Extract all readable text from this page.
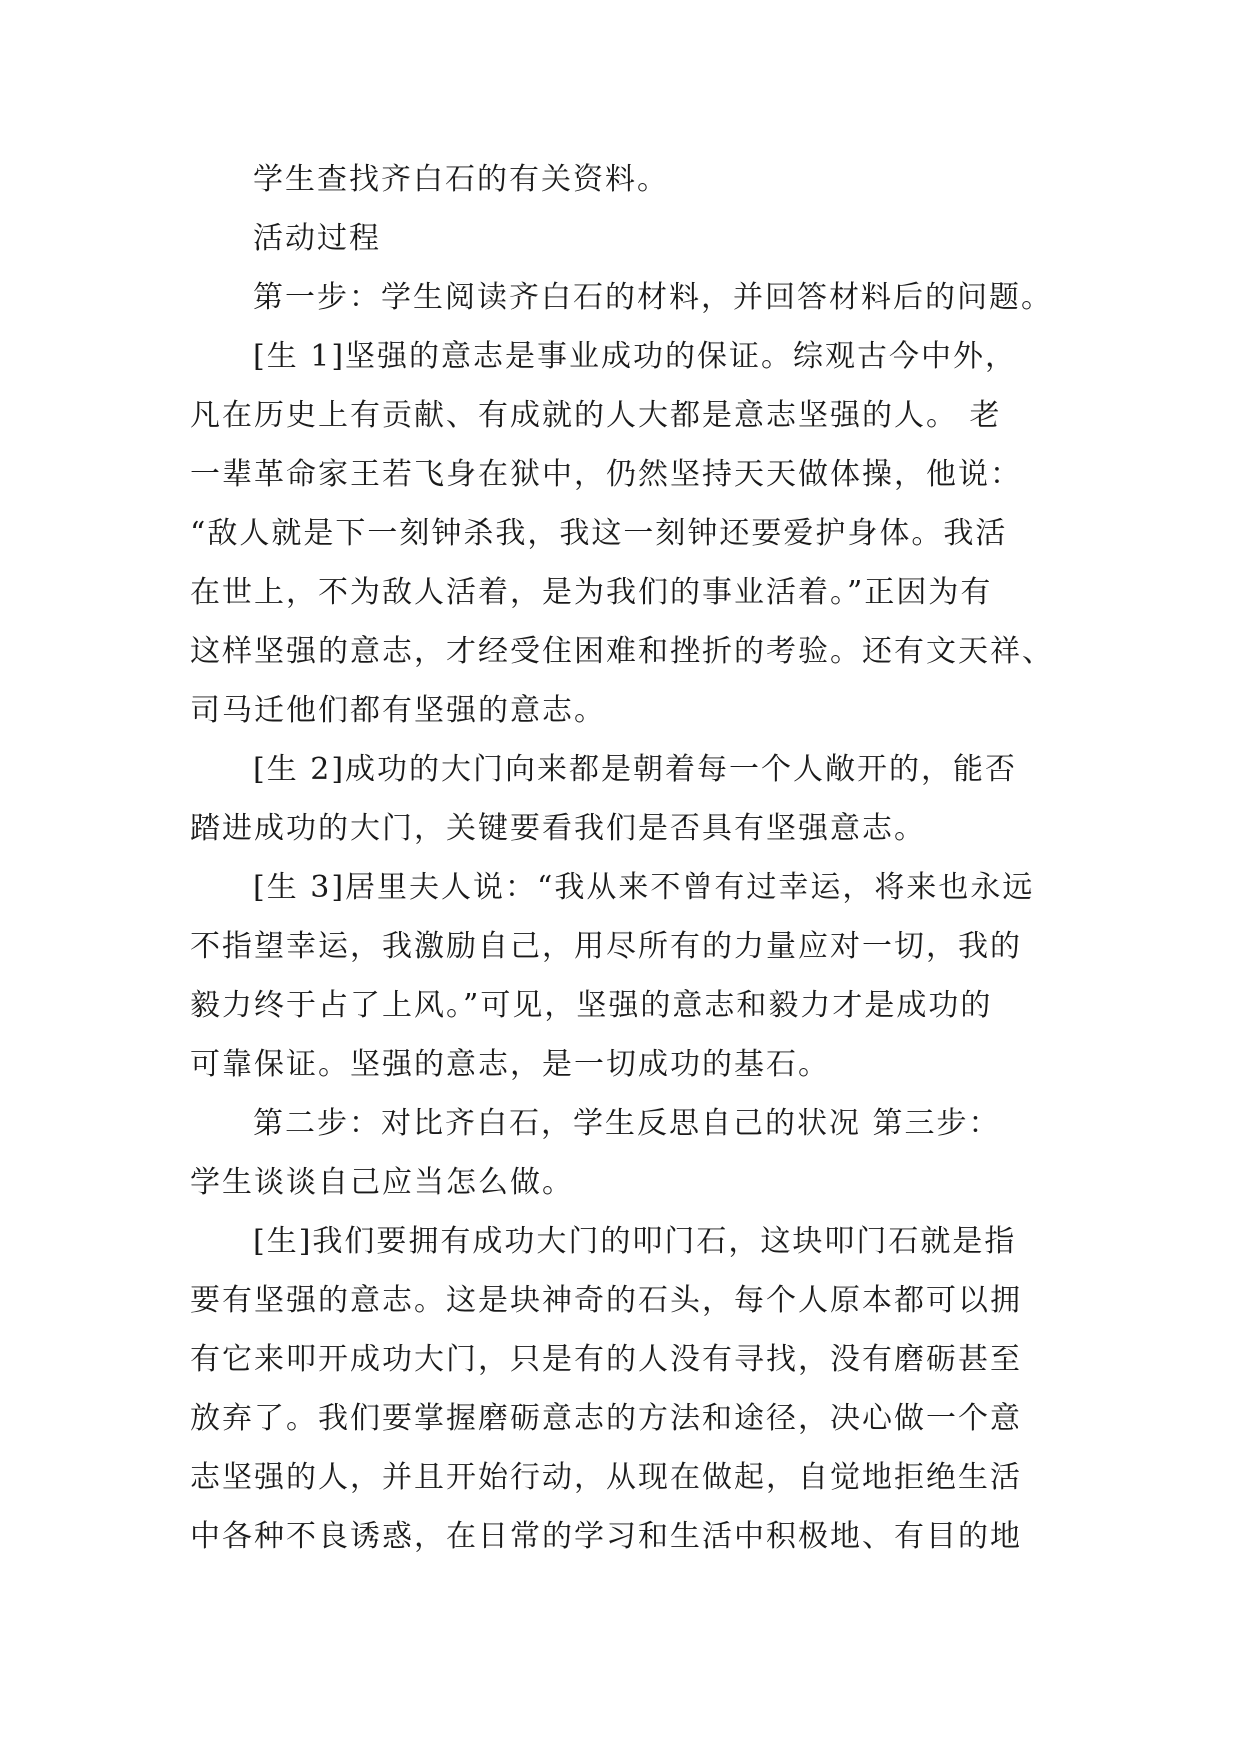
学生查找齐白石的有关资料。
活动过程
第一步：学生阅读齐白石的材料，并回答材料后的问题。
[生 1]坚强的意志是事业成功的保证。综观古今中外，
凡在历史上有贡献、有成就的人大都是意志坚强的人。 老
一辈革命家王若飞身在狱中，仍然坚持天天做体操，他说：
“敌人就是下一刻钟杀我，我这一刻钟还要爱护身体。我活
在世上，不为敌人活着，是为我们的事业活着。”正因为有
这样坚强的意志，才经受住困难和挫折的考验。还有文天祥、
司马迁他们都有坚强的意志。
[生 2]成功的大门向来都是朝着每一个人敞开的，能否
踏进成功的大门，关键要看我们是否具有坚强意志。
[生 3]居里夫人说：“我从来不曾有过幸运，将来也永远
不指望幸运，我激励自己，用尽所有的力量应对一切，我的
毅力终于占了上风。”可见，坚强的意志和毅力才是成功的
可靠保证。坚强的意志，是一切成功的基石。
第二步：对比齐白石，学生反思自己的状况 第三步：
学生谈谈自己应当怎么做。
[生]我们要拥有成功大门的叩门石，这块叩门石就是指
要有坚强的意志。这是块神奇的石头，每个人原本都可以拥
有它来叩开成功大门，只是有的人没有寻找，没有磨砺甚至
放弃了。我们要掌握磨砺意志的方法和途径，决心做一个意
志坚强的人，并且开始行动，从现在做起，自觉地拒绝生活
中各种不良诱惑，在日常的学习和生活中积极地、有目的地
